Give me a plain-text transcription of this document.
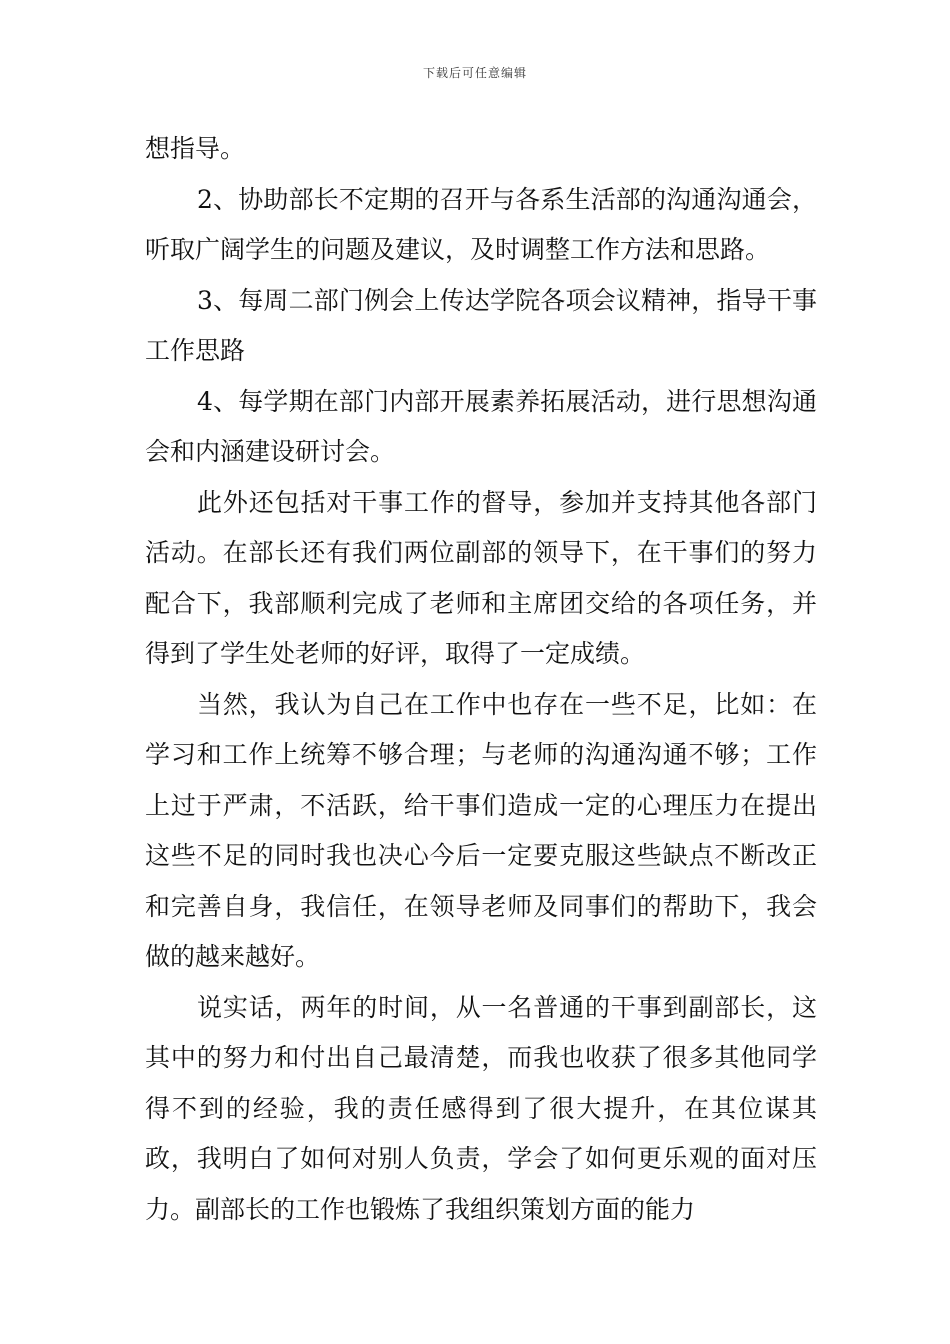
下载后可任意编辑

想指导。

2、协助部长不定期的召开与各系生活部的沟通沟通会，听取广阔学生的问题及建议，及时调整工作方法和思路。

3、每周二部门例会上传达学院各项会议精神，指导干事工作思路

4、每学期在部门内部开展素养拓展活动，进行思想沟通会和内涵建设研讨会。

此外还包括对干事工作的督导，参加并支持其他各部门活动。在部长还有我们两位副部的领导下，在干事们的努力配合下，我部顺利完成了老师和主席团交给的各项任务，并得到了学生处老师的好评，取得了一定成绩。

当然，我认为自己在工作中也存在一些不足，比如：在学习和工作上统筹不够合理；与老师的沟通沟通不够；工作上过于严肃，不活跃，给干事们造成一定的心理压力在提出这些不足的同时我也决心今后一定要克服这些缺点不断改正和完善自身，我信任，在领导老师及同事们的帮助下，我会做的越来越好。

说实话，两年的时间，从一名普通的干事到副部长，这其中的努力和付出自己最清楚，而我也收获了很多其他同学得不到的经验，我的责任感得到了很大提升，在其位谋其政，我明白了如何对别人负责，学会了如何更乐观的面对压力。副部长的工作也锻炼了我组织策划方面的能力
